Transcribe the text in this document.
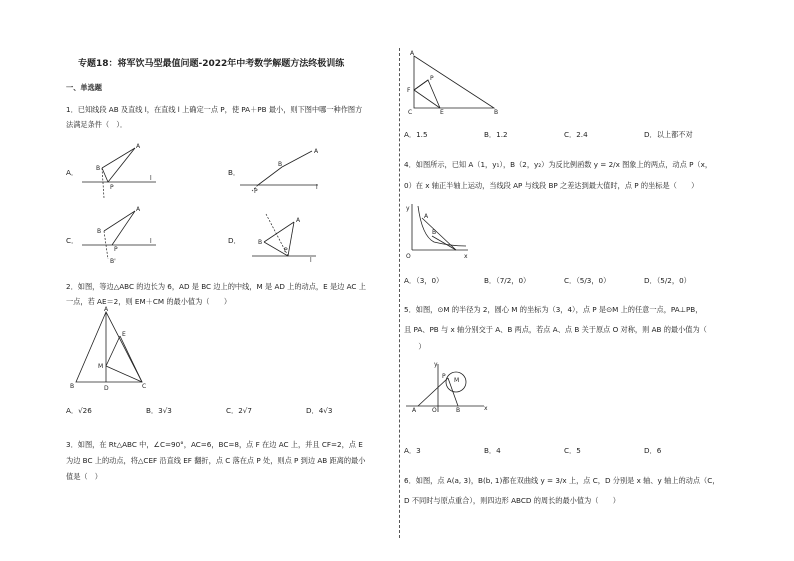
专题18：将军饮马型最值问题-2022年中考数学解题方法终极训练
一、单选题
1．已知线段 AB 及直线 l，在直线 l 上确定一点 P，使 PA＋PB 最小，则下图中哪一种作图方
法满足条件（　）．
A．
A
B
P
l
B．
A
B
P
l
C．
A
B
P
B'
l	D．
A
B
P
l
2．如图，等边△ABC 的边长为 6，AD 是 BC 边上的中线，M 是 AD 上的动点，E 是边 AC 上
一点，若 AE＝2，则 EM＋CM 的最小值为（　　）
A
B	C
D
E
M
A．√26	B．3√3	C．2√7	D．4√3
3．如图，在 Rt△ABC 中，∠C=90°，AC=6，BC=8，点 F 在边 AC 上，并且 CF=2，点 E
为边 BC 上的动点，将△CEF 沿直线 EF 翻折，点 C 落在点 P 处，则点 P 到边 AB 距离的最小
值是（　）
A
C	B
F
P
E
A．1.5	B．1.2	C．2.4	D．以上都不对
4．如图所示，已知 A（1，y₁），B（2，y₂）为反比例函数 y = 2/x 图象上的两点，动点 P（x，
0）在 x 轴正半轴上运动，当线段 AP 与线段 BP 之差达到最大值时，点 P 的坐标是（　　）
y
O	x
A
B
A．（3，0）	B．（7/2，0）	C．（5/3，0）	D．（5/2，0）
5．如图，⊙M 的半径为 2，圆心 M 的坐标为（3，4），点 P 是⊙M 上的任意一点，PA⊥PB，
且 PA、PB 与 x 轴分别交于 A、B 两点，若点 A、点 B 关于原点 O 对称，则 AB 的最小值为（
　　）
A	B
O
y
x
M
P
A．3	B．4	C．5	D．6
6．如图，点 A(a, 3)，B(b, 1)都在双曲线 y = 3/x 上，点 C，D 分别是 x 轴、y 轴上的动点（C，
D 不同时与原点重合），则四边形 ABCD 的周长的最小值为（　　）
